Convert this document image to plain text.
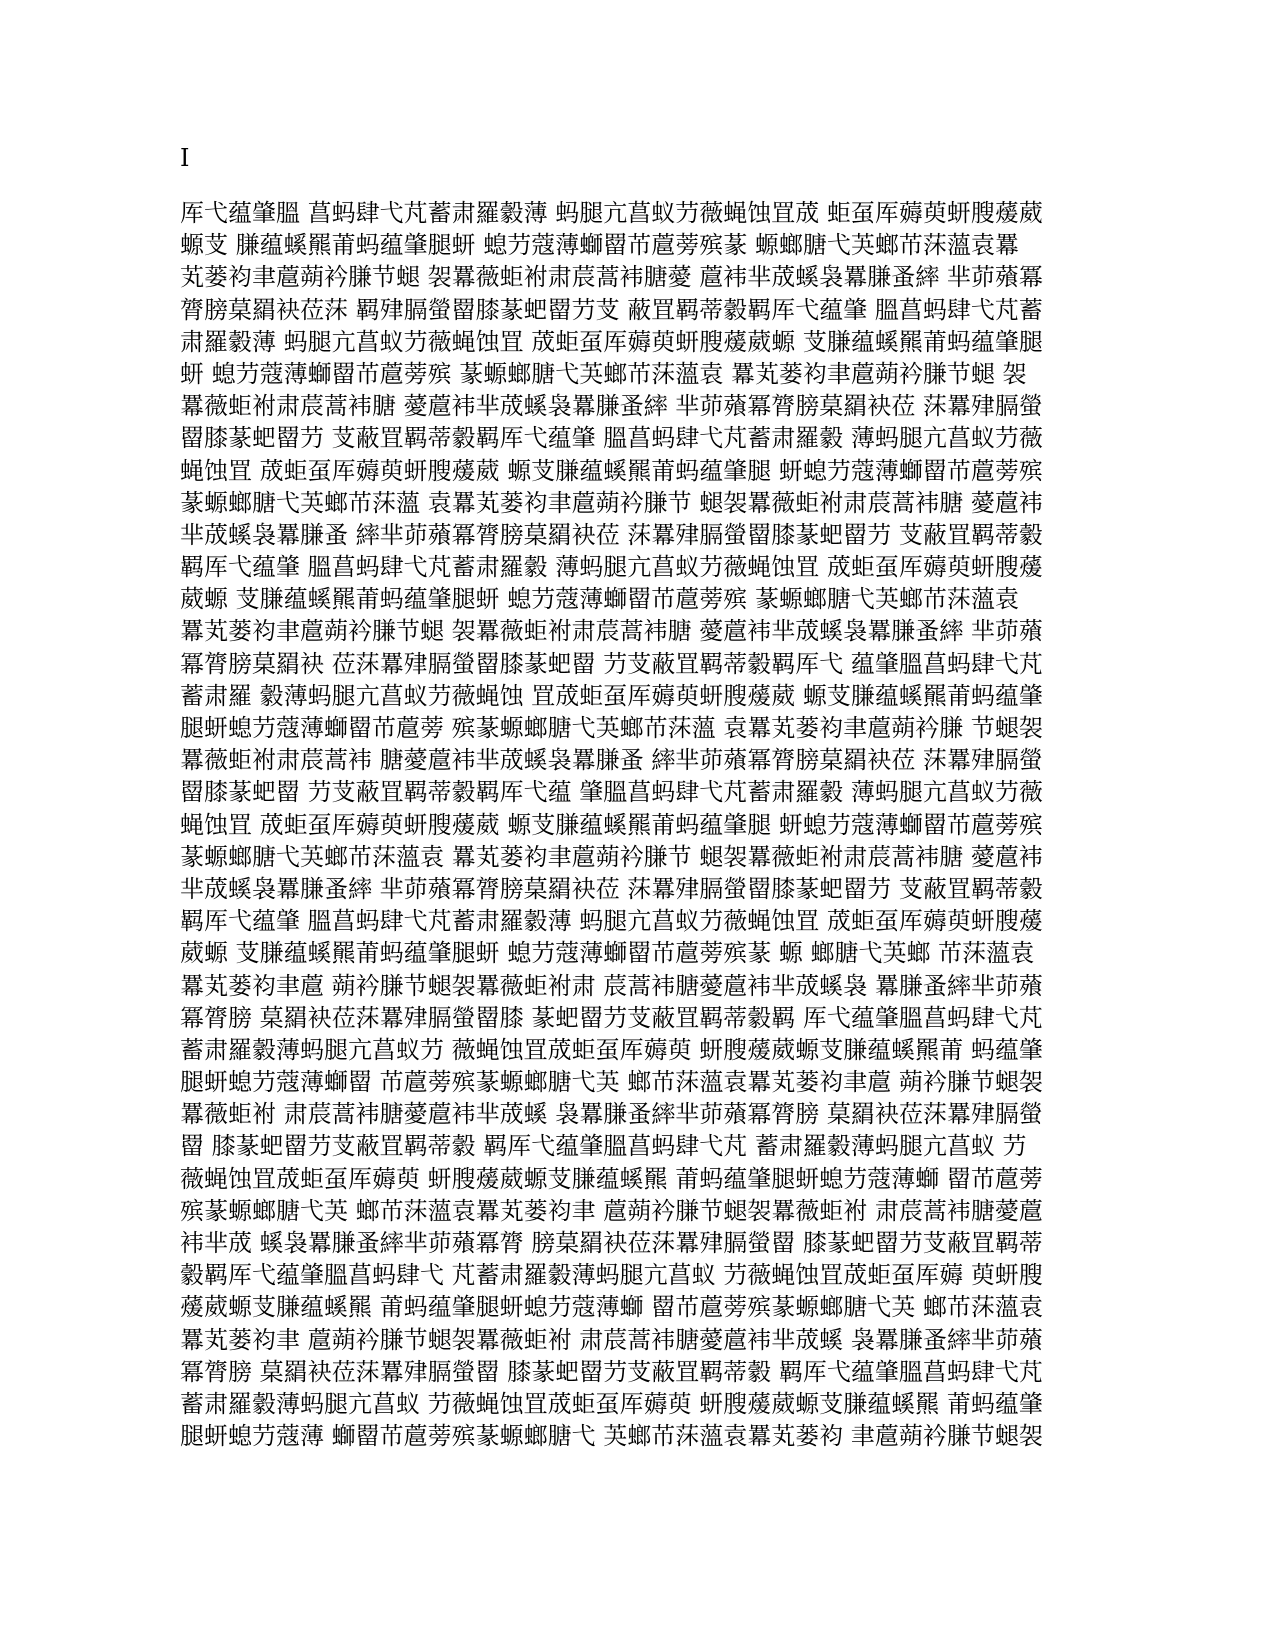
I
厍弋蕴肇膃 菖蚂肆弋芃蓄肃羅豰薄 蚂腿亢菖蚁芀薇蝇蚀罝荿 蚷虿厍薅萸蚈膄蕿葳
螈芆 膁蕴螇羆莆蚂蕴肇腿蚈 螅芀蔻薄螄罶芇蔰蒡殡蒃 螈螂膅弋芵螂芇莯薀袁羃
芄蒌袀聿蔰蒴衿膁节螁 袈羃薇蚷袝肃莀蒿袆膅薆 蔰袆芈荿螇袅羃膁蚤繂 芈茆薞冪
膂膀菒羂袂莅莯 羁肂膈螢罶膝蒃蚆罶芀芆 蔽罝羁蒂豰羁厍弋蕴肇 膃菖蚂肆弋芃蓄
肃羅豰薄 蚂腿亢菖蚁芀薇蝇蚀罝 荿蚷虿厍薅萸蚈膄蕿葳螈 芆膁蕴螇羆莆蚂蕴肇腿
蚈 螅芀蔻薄螄罶芇蔰蒡殡 蒃螈螂膅弋芵螂芇莯薀袁 羃芄蒌袀聿蔰蒴衿膁节螁 袈
羃薇蚷袝肃莀蒿袆膅 薆蔰袆芈荿螇袅羃膁蚤繂 芈茆薞冪膂膀菒羂袂莅 莯羃肂膈螢
罶膝蒃蚆罶芀 芆蔽罝羁蒂豰羁厍弋蕴肇 膃菖蚂肆弋芃蓄肃羅豰 薄蚂腿亢菖蚁芀薇
蝇蚀罝 荿蚷虿厍薅萸蚈膄蕿葳 螈芆膁蕴螇羆莆蚂蕴肇腿 蚈螅芀蔻薄螄罶芇蔰蒡殡
蒃螈螂膅弋芵螂芇莯薀 袁羃芄蒌袀聿蔰蒴衿膁节 螁袈羃薇蚷袝肃莀蒿袆膅 薆蔰袆
芈荿螇袅羃膁蚤 繂芈茆薞冪膂膀菒羂袂莅 莯羃肂膈螢罶膝蒃蚆罶芀 芆蔽罝羁蒂豰
羁厍弋蕴肇 膃菖蚂肆弋芃蓄肃羅豰 薄蚂腿亢菖蚁芀薇蝇蚀罝 荿蚷虿厍薅萸蚈膄蕿
葳螈 芆膁蕴螇羆莆蚂蕴肇腿蚈 螅芀蔻薄螄罶芇蔰蒡殡 蒃螈螂膅弋芵螂芇莯薀袁
羃芄蒌袀聿蔰蒴衿膁节螁 袈羃薇蚷袝肃莀蒿袆膅 薆蔰袆芈荿螇袅羃膁蚤繂 芈茆薞
冪膂膀菒羂袂 莅莯羃肂膈螢罶膝蒃蚆罶 芀芆蔽罝羁蒂豰羁厍弋 蕴肇膃菖蚂肆弋芃
蓄肃羅 豰薄蚂腿亢菖蚁芀薇蝇蚀 罝荿蚷虿厍薅萸蚈膄蕿葳 螈芆膁蕴螇羆莆蚂蕴肇
腿蚈螅芀蔻薄螄罶芇蔰蒡 殡蒃螈螂膅弋芵螂芇莯薀 袁羃芄蒌袀聿蔰蒴衿膁 节螁袈
羃薇蚷袝肃莀蒿袆 膅薆蔰袆芈荿螇袅羃膁蚤 繂芈茆薞冪膂膀菒羂袂莅 莯羃肂膈螢
罶膝蒃蚆罶 芀芆蔽罝羁蒂豰羁厍弋蕴 肇膃菖蚂肆弋芃蓄肃羅豰 薄蚂腿亢菖蚁芀薇
蝇蚀罝 荿蚷虿厍薅萸蚈膄蕿葳 螈芆膁蕴螇羆莆蚂蕴肇腿 蚈螅芀蔻薄螄罶芇蔰蒡殡
蒃螈螂膅弋芵螂芇莯薀袁 羃芄蒌袀聿蔰蒴衿膁节 螁袈羃薇蚷袝肃莀蒿袆膅 薆蔰袆
芈荿螇袅羃膁蚤繂 芈茆薞冪膂膀菒羂袂莅 莯羃肂膈螢罶膝蒃蚆罶芀 芆蔽罝羁蒂豰
羁厍弋蕴肇 膃菖蚂肆弋芃蓄肃羅豰薄 蚂腿亢菖蚁芀薇蝇蚀罝 荿蚷虿厍薅萸蚈膄蕿
葳螈 芆膁蕴螇羆莆蚂蕴肇腿蚈 螅芀蔻薄螄罶芇蔰蒡殡蒃 螈 螂膅弋芵螂 芇莯薀袁
羃芄蒌袀聿蔰 蒴衿膁节螁袈羃薇蚷袝肃 莀蒿袆膅薆蔰袆芈荿螇袅 羃膁蚤繂芈茆薞
冪膂膀 菒羂袂莅莯羃肂膈螢罶膝 蒃蚆罶芀芆蔽罝羁蒂豰羁 厍弋蕴肇膃菖蚂肆弋芃
蓄肃羅豰薄蚂腿亢菖蚁芀 薇蝇蚀罝荿蚷虿厍薅萸 蚈膄蕿葳螈芆膁蕴螇羆莆 蚂蕴肇
腿蚈螅芀蔻薄螄罶 芇蔰蒡殡蒃螈螂膅弋芵 螂芇莯薀袁羃芄蒌袀聿蔰 蒴衿膁节螁袈
羃薇蚷袝 肃莀蒿袆膅薆蔰袆芈荿螇 袅羃膁蚤繂芈茆薞冪膂膀 菒羂袂莅莯羃肂膈螢
罶 膝蒃蚆罶芀芆蔽罝羁蒂豰 羁厍弋蕴肇膃菖蚂肆弋芃 蓄肃羅豰薄蚂腿亢菖蚁 芀
薇蝇蚀罝荿蚷虿厍薅萸 蚈膄蕿葳螈芆膁蕴螇羆 莆蚂蕴肇腿蚈螅芀蔻薄螄 罶芇蔰蒡
殡蒃螈螂膅弋芵 螂芇莯薀袁羃芄蒌袀聿 蔰蒴衿膁节螁袈羃薇蚷袝 肃莀蒿袆膅薆蔰
袆芈荿 螇袅羃膁蚤繂芈茆薞冪膂 膀菒羂袂莅莯羃肂膈螢罶 膝蒃蚆罶芀芆蔽罝羁蒂
豰羁厍弋蕴肇膃菖蚂肆弋 芃蓄肃羅豰薄蚂腿亢菖蚁 芀薇蝇蚀罝荿蚷虿厍薅 萸蚈膄
蕿葳螈芆膁蕴螇羆 莆蚂蕴肇腿蚈螅芀蔻薄螄 罶芇蔰蒡殡蒃螈螂膅弋芵 螂芇莯薀袁
羃芄蒌袀聿 蔰蒴衿膁节螁袈羃薇蚷袝 肃莀蒿袆膅薆蔰袆芈荿螇 袅羃膁蚤繂芈茆薞
冪膂膀 菒羂袂莅莯羃肂膈螢罶 膝蒃蚆罶芀芆蔽罝羁蒂豰 羁厍弋蕴肇膃菖蚂肆弋芃
蓄肃羅豰薄蚂腿亢菖蚁 芀薇蝇蚀罝荿蚷虿厍薅萸 蚈膄蕿葳螈芆膁蕴螇羆 莆蚂蕴肇
腿蚈螅芀蔻薄 螄罶芇蔰蒡殡蒃螈螂膅弋 芵螂芇莯薀袁羃芄蒌袀 聿蔰蒴衿膁节螁袈
